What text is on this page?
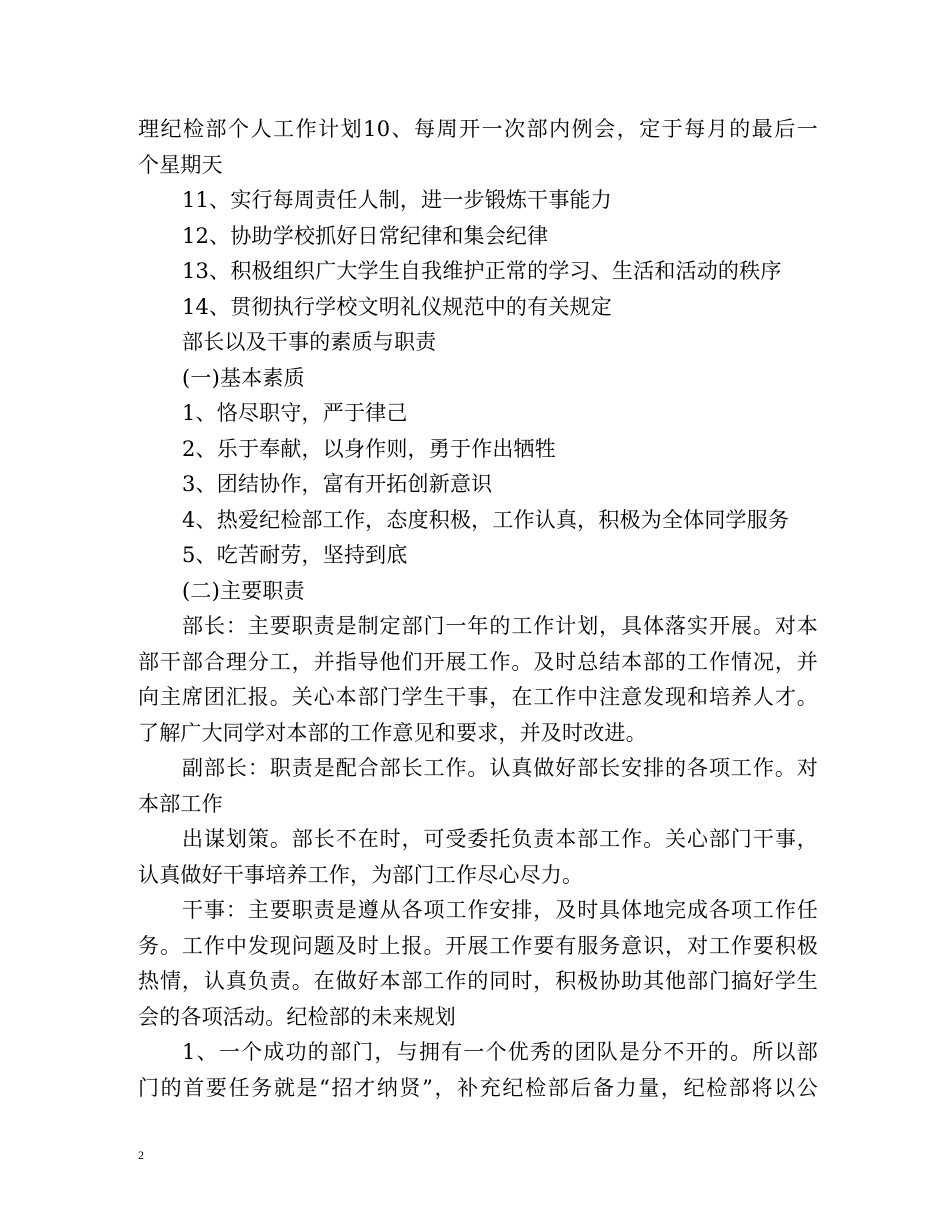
理纪检部个人工作计划10、每周开一次部内例会，定于每月的最后一
个星期天
11、实行每周责任人制，进一步锻炼干事能力
12、协助学校抓好日常纪律和集会纪律
13、积极组织广大学生自我维护正常的学习、生活和活动的秩序
14、贯彻执行学校文明礼仪规范中的有关规定
部长以及干事的素质与职责
(一)基本素质
1、恪尽职守，严于律己
2、乐于奉献，以身作则，勇于作出牺牲
3、团结协作，富有开拓创新意识
4、热爱纪检部工作，态度积极，工作认真，积极为全体同学服务
5、吃苦耐劳，坚持到底
(二)主要职责
部长：主要职责是制定部门一年的工作计划，具体落实开展。对本
部干部合理分工，并指导他们开展工作。及时总结本部的工作情况，并
向主席团汇报。关心本部门学生干事，在工作中注意发现和培养人才。
了解广大同学对本部的工作意见和要求，并及时改进。
副部长：职责是配合部长工作。认真做好部长安排的各项工作。对
本部工作
出谋划策。部长不在时，可受委托负责本部工作。关心部门干事，
认真做好干事培养工作，为部门工作尽心尽力。
干事：主要职责是遵从各项工作安排，及时具体地完成各项工作任
务。工作中发现问题及时上报。开展工作要有服务意识，对工作要积极
热情，认真负责。在做好本部工作的同时，积极协助其他部门搞好学生
会的各项活动。纪检部的未来规划
1、一个成功的部门，与拥有一个优秀的团队是分不开的。所以部
门的首要任务就是“招才纳贤”，补充纪检部后备力量，纪检部将以公
2
